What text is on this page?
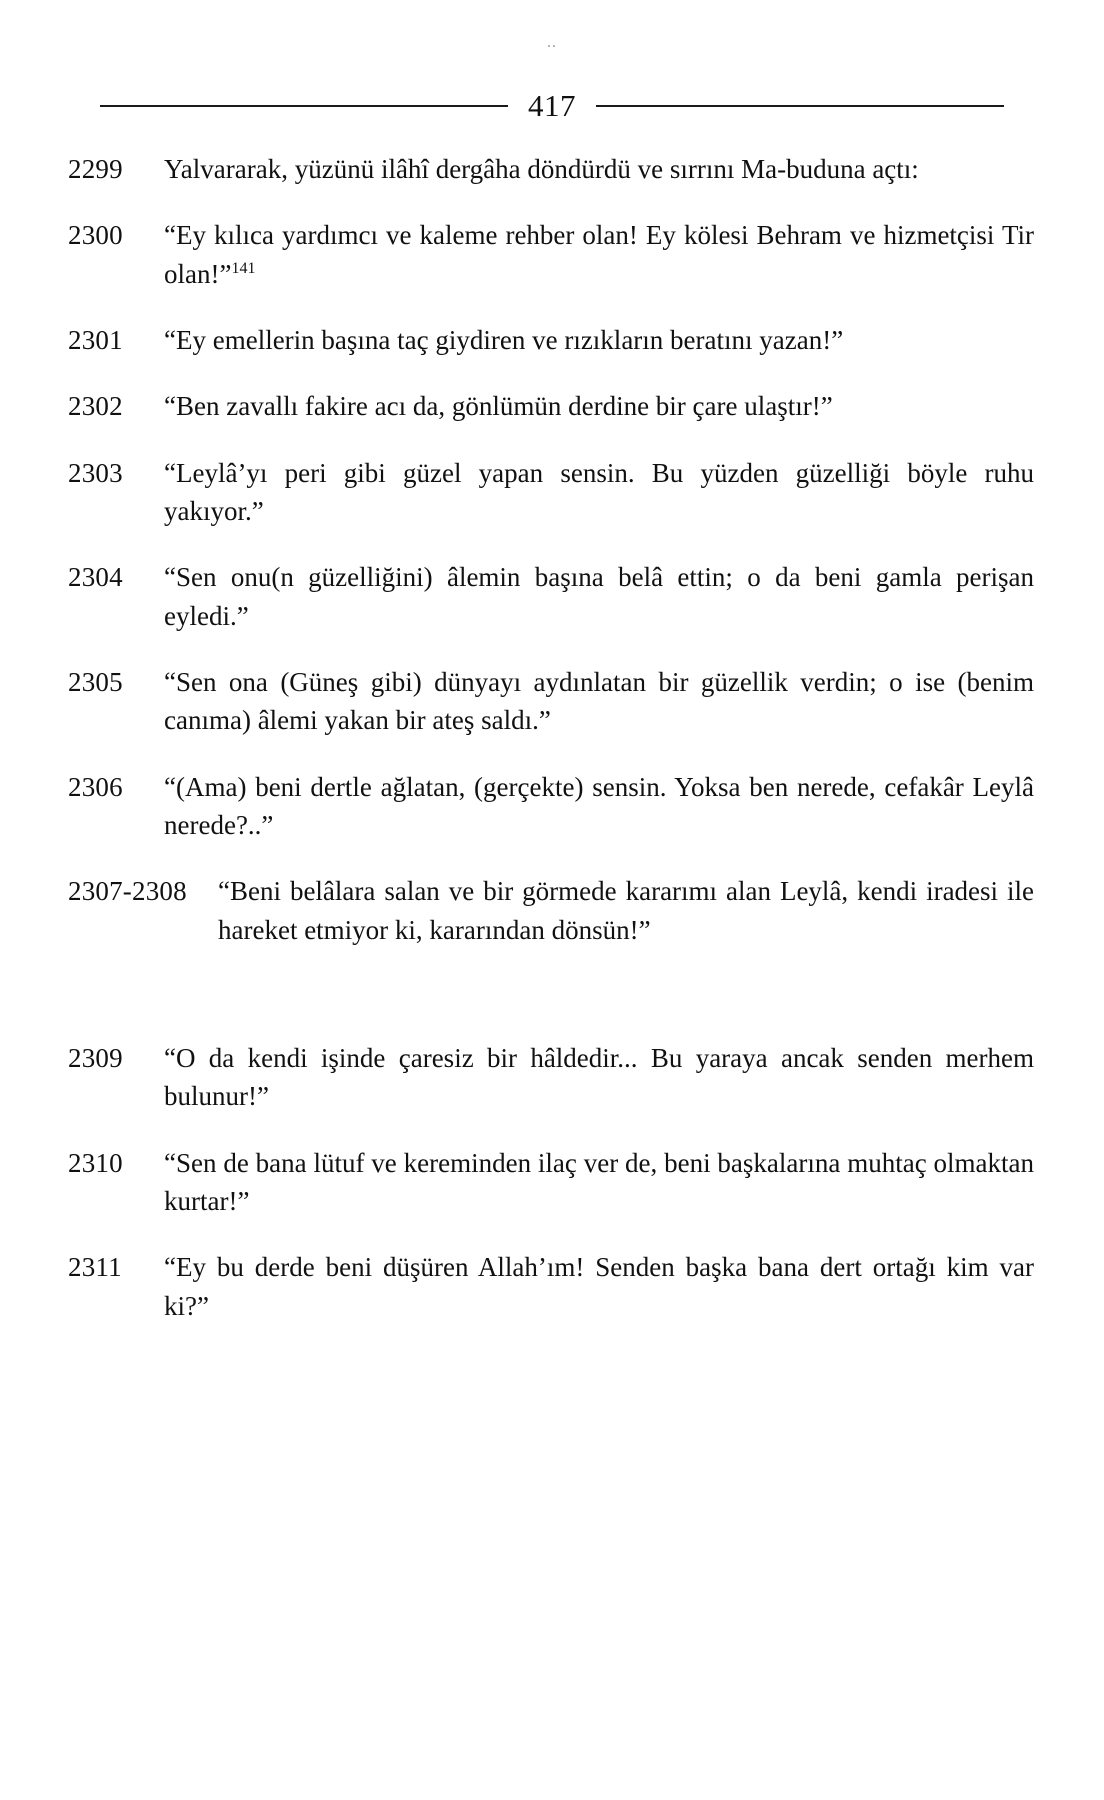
..
417
2299	Yalvararak, yüzünü ilâhî dergâha döndürdü ve sırrını Ma-buduna açtı:
2300	“Ey kılıca yardımcı ve kaleme rehber olan! Ey kölesi Behram ve hizmetçisi Tir olan!”$^{141}$
2301	“Ey emellerin başına taç giydiren ve rızıkların beratını yazan!”
2302	“Ben zavallı fakire acı da, gönlümün derdine bir çare ulaştır!”
2303	“Leylâ’yı peri gibi güzel yapan sensin. Bu yüzden güzelliği böyle ruhu yakıyor.”
2304	“Sen onu(n güzelliğini) âlemin başına belâ ettin; o da beni gamla perişan eyledi.”
2305	“Sen ona (Güneş gibi) dünyayı aydınlatan bir güzellik verdin; o ise (benim canıma) âlemi yakan bir ateş saldı.”
2306	“(Ama) beni dertle ağlatan, (gerçekte) sensin. Yoksa ben nerede, cefakâr Leylâ nerede?..”
2307-2308	“Beni belâlara salan ve bir görmede kararımı alan Leylâ, kendi iradesi ile hareket etmiyor ki, kararından dönsün!”
2309	“O da kendi işinde çaresiz bir hâldedir... Bu yaraya ancak senden merhem bulunur!”
2310	“Sen de bana lütuf ve kereminden ilaç ver de, beni başkalarına muhtaç olmaktan kurtar!”
2311	“Ey bu derde beni düşüren Allah’ım! Senden başka bana dert ortağı kim var ki?”
